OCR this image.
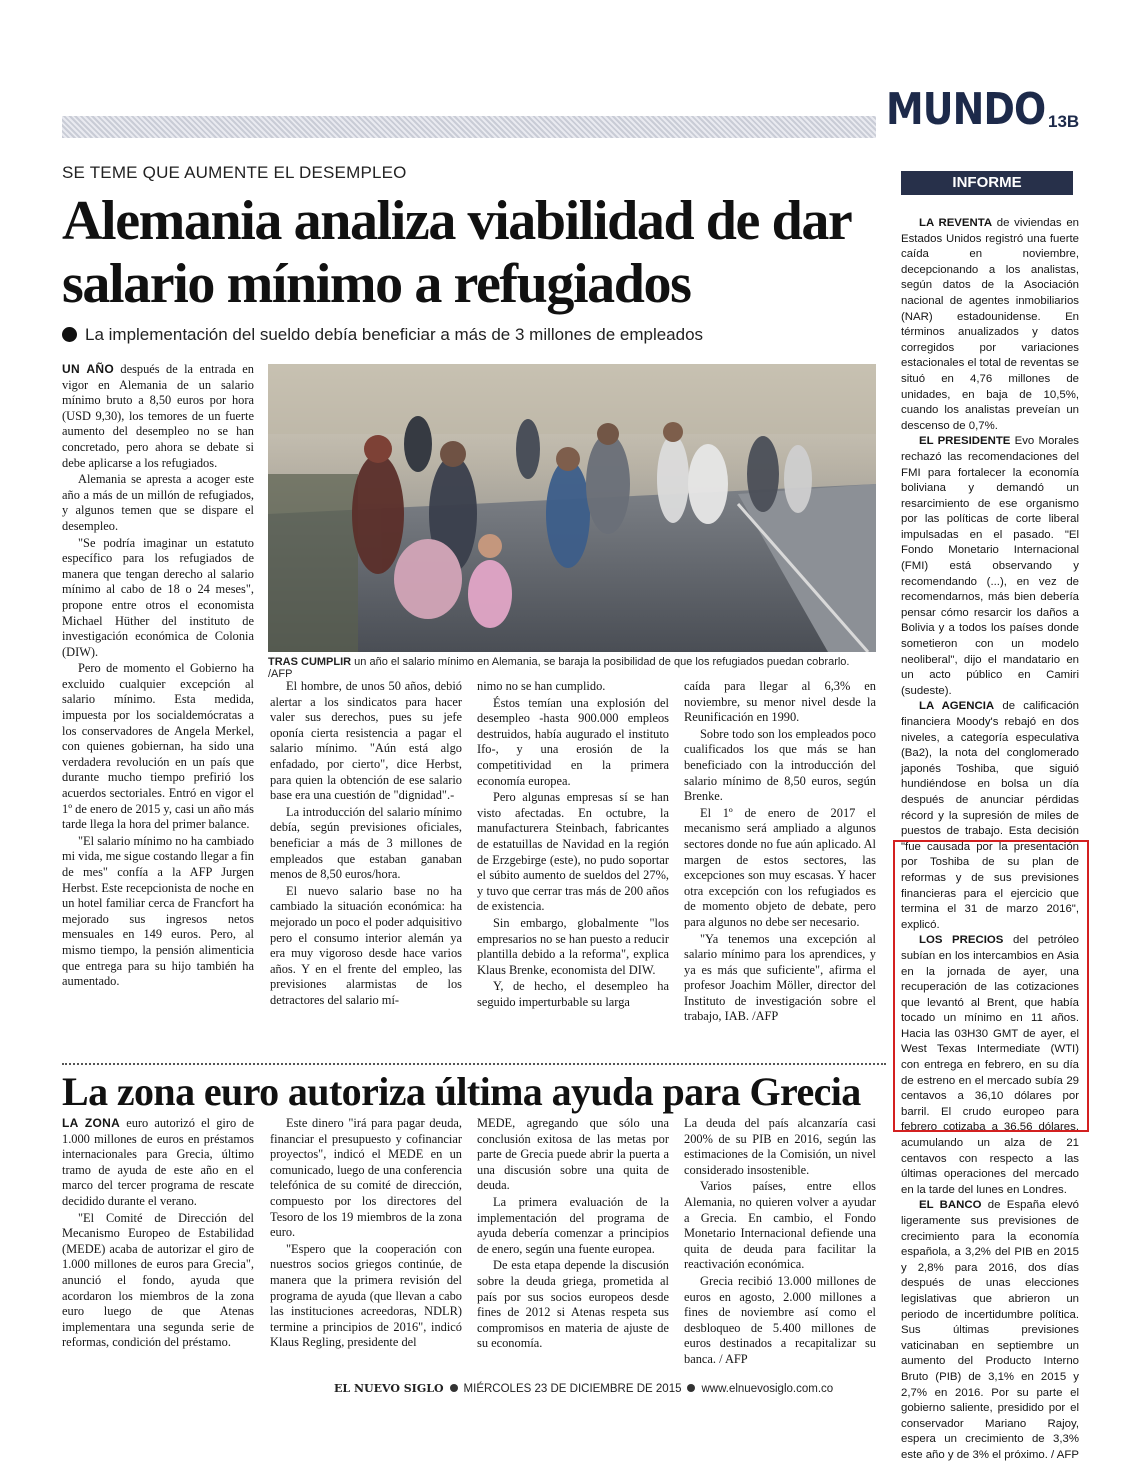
MUNDO 13B
SE TEME QUE AUMENTE EL DESEMPLEO
Alemania analiza viabilidad de dar salario mínimo a refugiados
La implementación del sueldo debía beneficiar a más de 3 millones de empleados

UN AÑO después de la entrada en vigor en Alemania de un salario mínimo bruto a 8,50 euros por hora (USD 9,30), los temores de un fuerte aumento del desempleo no se han concretado, pero ahora se debate si debe aplicarse a los refugiados.

Alemania se apresta a acoger este año a más de un millón de refugiados, y algunos temen que se dispare el desempleo.

"Se podría imaginar un estatuto específico para los refugiados de manera que tengan derecho al salario mínimo al cabo de 18 o 24 meses", propone entre otros el economista Michael Hüther del instituto de investigación económica de Colonia (DIW).

Pero de momento el Gobierno ha excluido cualquier excepción al salario mínimo. Esta medida, impuesta por los socialdemócratas a los conservadores de Angela Merkel, con quienes gobiernan, ha sido una verdadera revolución en un país que durante mucho tiempo prefirió los acuerdos sectoriales. Entró en vigor el 1º de enero de 2015 y, casi un año más tarde llega la hora del primer balance.

"El salario mínimo no ha cambiado mi vida, me sigue costando llegar a fin de mes" confía a la AFP Jurgen Herbst. Este recepcionista de noche en un hotel familiar cerca de Francfort ha mejorado sus ingresos netos mensuales en 149 euros. Pero, al mismo tiempo, la pensión alimenticia que entrega para su hijo también ha aumentado.

TRAS CUMPLIR un año el salario mínimo en Alemania, se baraja la posibilidad de que los refugiados puedan cobrarlo. /AFP

El hombre, de unos 50 años, debió alertar a los sindicatos para hacer valer sus derechos, pues su jefe oponía cierta resistencia a pagar el salario mínimo. "Aún está algo enfadado, por cierto", dice Herbst, para quien la obtención de ese salario base era una cuestión de "dignidad".-

La introducción del salario mínimo debía, según previsiones oficiales, beneficiar a más de 3 millones de empleados que estaban ganaban menos de 8,50 euros/hora.

El nuevo salario base no ha cambiado la situación económica: ha mejorado un poco el poder adquisitivo pero el consumo interior alemán ya era muy vigoroso desde hace varios años. Y en el frente del empleo, las previsiones alarmistas de los detractores del salario mí-

nimo no se han cumplido.

Éstos temían una explosión del desempleo -hasta 900.000 empleos destruidos, había augurado el instituto Ifo-, y una erosión de la competitividad en la primera economía europea.

Pero algunas empresas sí se han visto afectadas. En octubre, la manufacturera Steinbach, fabricantes de estatuillas de Navidad en la región de Erzgebirge (este), no pudo soportar el súbito aumento de sueldos del 27%, y tuvo que cerrar tras más de 200 años de existencia.

Sin embargo, globalmente "los empresarios no se han puesto a reducir plantilla debido a la reforma", explica Klaus Brenke, economista del DIW.

Y, de hecho, el desempleo ha seguido imperturbable su larga

caída para llegar al 6,3% en noviembre, su menor nivel desde la Reunificación en 1990.

Sobre todo son los empleados poco cualificados los que más se han beneficiado con la introducción del salario mínimo de 8,50 euros, según Brenke.

El 1º de enero de 2017 el mecanismo será ampliado a algunos sectores donde no fue aún aplicado. Al margen de estos sectores, las excepciones son muy escasas. Y hacer otra excepción con los refugiados es de momento objeto de debate, pero para algunos no debe ser necesario.

"Ya tenemos una excepción al salario mínimo para los aprendices, y ya es más que suficiente", afirma el profesor Joachim Möller, director del Instituto de investigación sobre el trabajo, IAB. /AFP

La zona euro autoriza última ayuda para Grecia

LA ZONA euro autorizó el giro de 1.000 millones de euros en préstamos internacionales para Grecia, último tramo de ayuda de este año en el marco del tercer programa de rescate decidido durante el verano.

"El Comité de Dirección del Mecanismo Europeo de Estabilidad (MEDE) acaba de autorizar el giro de 1.000 millones de euros para Grecia", anunció el fondo, ayuda que acordaron los miembros de la zona euro luego de que Atenas implementara una segunda serie de reformas, condición del préstamo.

Este dinero "irá para pagar deuda, financiar el presupuesto y cofinanciar proyectos", indicó el MEDE en un comunicado, luego de una conferencia telefónica de su comité de dirección, compuesto por los directores del Tesoro de los 19 miembros de la zona euro.

"Espero que la cooperación con nuestros socios griegos continúe, de manera que la primera revisión del programa de ayuda (que llevan a cabo las instituciones acreedoras, NDLR) termine a principios de 2016", indicó Klaus Regling, presidente del

MEDE, agregando que sólo una conclusión exitosa de las metas por parte de Grecia puede abrir la puerta a una discusión sobre una quita de deuda.

La primera evaluación de la implementación del programa de ayuda debería comenzar a principios de enero, según una fuente europea.

De esta etapa depende la discusión sobre la deuda griega, prometida al país por sus socios europeos desde fines de 2012 si Atenas respeta sus compromisos en materia de ajuste de su economía.

La deuda del país alcanzaría casi 200% de su PIB en 2016, según las estimaciones de la Comisión, un nivel considerado insostenible.

Varios países, entre ellos Alemania, no quieren volver a ayudar a Grecia. En cambio, el Fondo Monetario Internacional defiende una quita de deuda para facilitar la reactivación económica.

Grecia recibió 13.000 millones de euros en agosto, 2.000 millones a fines de noviembre así como el desbloqueo de 5.400 millones de euros destinados a recapitalizar su banca. / AFP

INFORME

LA REVENTA de viviendas en Estados Unidos registró una fuerte caída en noviembre, decepcionando a los analistas, según datos de la Asociación nacional de agentes inmobiliarios (NAR) estadounidense. En términos anualizados y datos corregidos por variaciones estacionales el total de reventas se situó en 4,76 millones de unidades, en baja de 10,5%, cuando los analistas preveían un descenso de 0,7%.

EL PRESIDENTE Evo Morales rechazó las recomendaciones del FMI para fortalecer la economía boliviana y demandó un resarcimiento de ese organismo por las políticas de corte liberal impulsadas en el pasado. "El Fondo Monetario Internacional (FMI) está observando y recomendando (...), en vez de recomendarnos, más bien debería pensar cómo resarcir los daños a Bolivia y a todos los países donde sometieron con un modelo neoliberal", dijo el mandatario en un acto público en Camiri (sudeste).

LA AGENCIA de calificación financiera Moody's rebajó en dos niveles, a categoría especulativa (Ba2), la nota del conglomerado japonés Toshiba, que siguió hundiéndose en bolsa un día después de anunciar pérdidas récord y la supresión de miles de puestos de trabajo. Esta decisión "fue causada por la presentación por Toshiba de su plan de reformas y de sus previsiones financieras para el ejercicio que termina el 31 de marzo 2016", explicó.

LOS PRECIOS del petróleo subían en los intercambios en Asia en la jornada de ayer, una recuperación de las cotizaciones que levantó al Brent, que había tocado un mínimo en 11 años. Hacia las 03H30 GMT de ayer, el West Texas Intermediate (WTI) con entrega en febrero, en su día de estreno en el mercado subía 29 centavos a 36,10 dólares por barril. El crudo europeo para febrero cotizaba a 36,56 dólares, acumulando un alza de 21 centavos con respecto a las últimas operaciones del mercado en la tarde del lunes en Londres.

EL BANCO de España elevó ligeramente sus previsiones de crecimiento para la economía española, a 3,2% del PIB en 2015 y 2,8% para 2016, dos días después de unas elecciones legislativas que abrieron un periodo de incertidumbre política. Sus últimas previsiones vaticinaban en septiembre un aumento del Producto Interno Bruto (PIB) de 3,1% en 2015 y 2,7% en 2016. Por su parte el gobierno saliente, presidido por el conservador Mariano Rajoy, espera un crecimiento de 3,3% este año y de 3% el próximo. / AFP

EL NUEVO SIGLO MIÉRCOLES 23 DE DICIEMBRE DE 2015 www.elnuevosiglo.com.co
